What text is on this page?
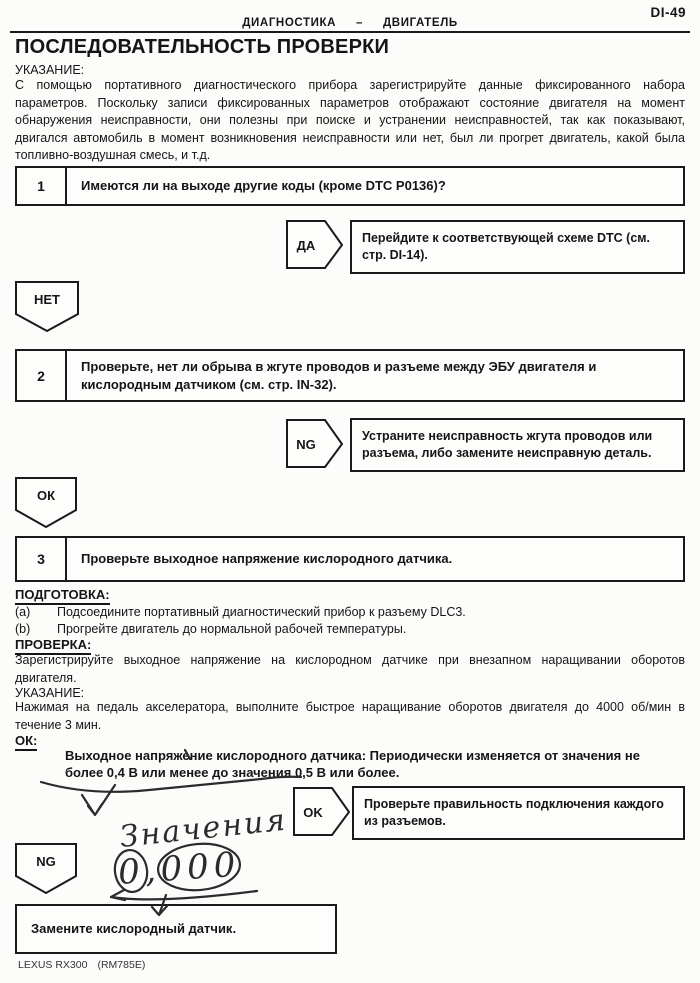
DI-49
ДИАГНОСТИКА – ДВИГАТЕЛЬ
ПОСЛЕДОВАТЕЛЬНОСТЬ ПРОВЕРКИ
УКАЗАНИЕ:
С помощью портативного диагностического прибора зарегистрируйте данные фиксированного набора параметров. Поскольку записи фиксированных параметров отображают состояние двигателя на момент обнаружения неисправности, они полезны при поиске и устранении неисправностей, так как показывают, двигался автомобиль в момент возникновения неисправности или нет, был ли прогрет двигатель, какой была топливно-воздушная смесь, и т.д.
1	Имеются ли на выходе другие коды (кроме DTC P0136)?
ДА	Перейдите к соответствующей схеме DTC (см. стр. DI-14).
НЕТ
2
Проверьте, нет ли обрыва в жгуте проводов и разъеме между ЭБУ двигателя и кислородным датчиком (см. стр. IN-32).
NG
Устраните неисправность жгута проводов или разъема, либо замените неисправную деталь.
ОК
3	Проверьте выходное напряжение кислородного датчика.
ПОДГОТОВКА:
(a)	Подсоедините портативный диагностический прибор к разъему DLC3.
(b)	Прогрейте двигатель до нормальной рабочей температуры.
ПРОВЕРКА:
Зарегистрируйте выходное напряжение на кислородном датчике при внезапном наращивании оборотов двигателя.
УКАЗАНИЕ:
Нажимая на педаль акселератора, выполните быстрое наращивание оборотов двигателя до 4000 об/мин в течение 3 мин.
ОК:
Выходное напряжение кислородного датчика: Периодически изменяется от значения не более 0,4 В или менее до значения 0,5 В или более.
OK
Проверьте правильность подключения каждого из разъемов.
NG
Замените кислородный датчик.
Значения
0,000
LEXUS RX300 (RM785E)
